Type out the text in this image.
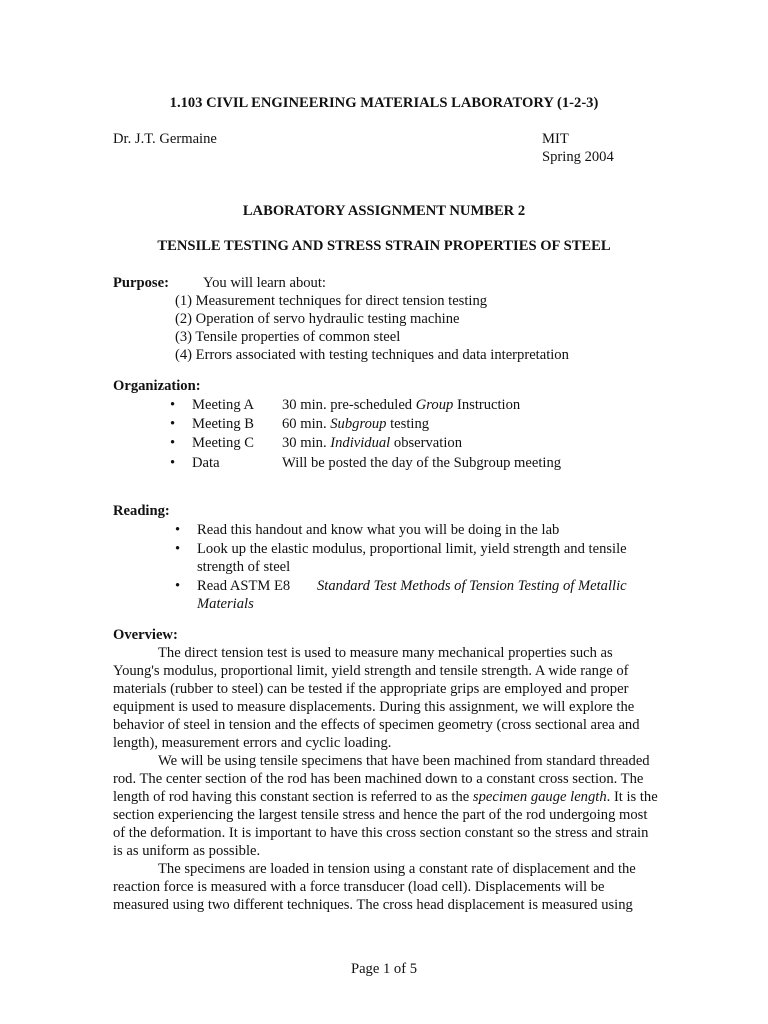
1.103 CIVIL ENGINEERING MATERIALS LABORATORY (1-2-3)
Dr. J.T. Germaine	MIT
Spring 2004
LABORATORY ASSIGNMENT NUMBER 2
TENSILE TESTING AND STRESS STRAIN PROPERTIES OF STEEL
Purpose: You will learn about:
(1) Measurement techniques for direct tension testing
(2) Operation of servo hydraulic testing machine
(3) Tensile properties of common steel
(4) Errors associated with testing techniques and data interpretation
Organization:
• Meeting A 30 min. pre-scheduled Group Instruction
• Meeting B 60 min. Subgroup testing
• Meeting C 30 min. Individual observation
• Data	Will be posted the day of the Subgroup meeting
Reading:
• Read this handout and know what you will be doing in the lab
• Look up the elastic modulus, proportional limit, yield strength and tensile strength of steel
• Read ASTM E8 Standard Test Methods of Tension Testing of Metallic
Materials
Overview:

The direct tension test is used to measure many mechanical properties such as Young's modulus, proportional limit, yield strength and tensile strength. A wide range of materials (rubber to steel) can be tested if the appropriate grips are employed and proper equipment is used to measure displacements. During this assignment, we will explore the behavior of steel in tension and the effects of specimen geometry (cross sectional area and length), measurement errors and cyclic loading.

We will be using tensile specimens that have been machined from standard threaded rod. The center section of the rod has been machined down to a constant cross section. The length of rod having this constant section is referred to as the specimen gauge length. It is the section experiencing the largest tensile stress and hence the part of the rod undergoing most of the deformation. It is important to have this cross section constant so the stress and strain is as uniform as possible.

The specimens are loaded in tension using a constant rate of displacement and the reaction force is measured with a force transducer (load cell). Displacements will be measured using two different techniques. The cross head displacement is measured using

Page 1 of 5
